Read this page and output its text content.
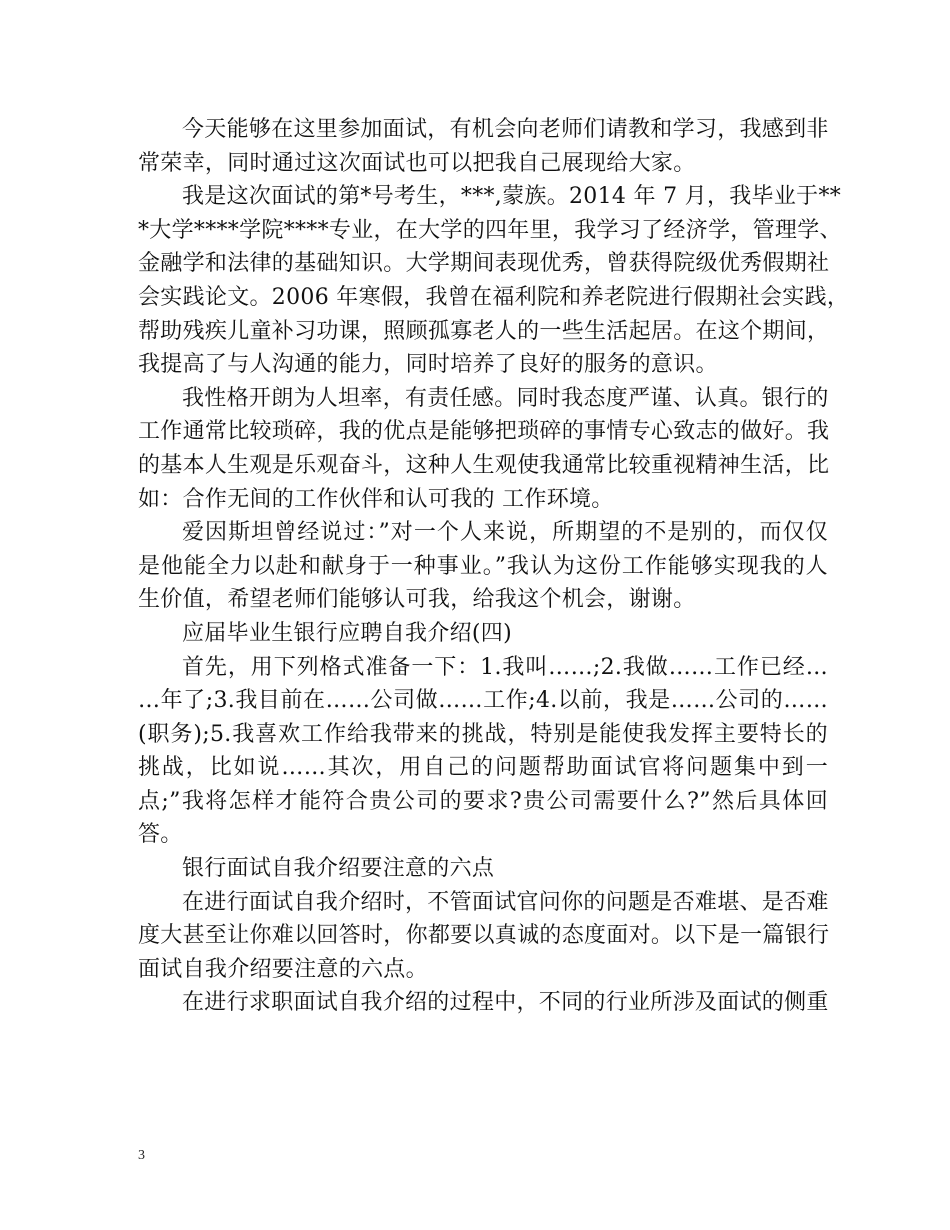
今天能够在这里参加面试，有机会向老师们请教和学习，我感到非
常荣幸，同时通过这次面试也可以把我自己展现给大家。
我是这次面试的第*号考生，***,蒙族。2014 年 7 月，我毕业于**
*大学****学院****专业，在大学的四年里，我学习了经济学，管理学、
金融学和法律的基础知识。大学期间表现优秀，曾获得院级优秀假期社
会实践论文。2006 年寒假，我曾在福利院和养老院进行假期社会实践，
帮助残疾儿童补习功课，照顾孤寡老人的一些生活起居。在这个期间，
我提高了与人沟通的能力，同时培养了良好的服务的意识。
我性格开朗为人坦率，有责任感。同时我态度严谨、认真。银行的
工作通常比较琐碎，我的优点是能够把琐碎的事情专心致志的做好。我
的基本人生观是乐观奋斗，这种人生观使我通常比较重视精神生活，比
如：合作无间的工作伙伴和认可我的 工作环境。
爱因斯坦曾经说过：”对一个人来说，所期望的不是别的，而仅仅
是他能全力以赴和献身于一种事业。”我认为这份工作能够实现我的人
生价值，希望老师们能够认可我，给我这个机会，谢谢。
应届毕业生银行应聘自我介绍(四)
首先，用下列格式准备一下：1.我叫……;2.我做……工作已经…
…年了;3.我目前在……公司做……工作;4.以前，我是……公司的……
(职务);5.我喜欢工作给我带来的挑战，特别是能使我发挥主要特长的
挑战，比如说……其次，用自己的问题帮助面试官将问题集中到一
点;”我将怎样才能符合贵公司的要求?贵公司需要什么?”然后具体回
答。
银行面试自我介绍要注意的六点
在进行面试自我介绍时，不管面试官问你的问题是否难堪、是否难
度大甚至让你难以回答时，你都要以真诚的态度面对。以下是一篇银行
面试自我介绍要注意的六点。
在进行求职面试自我介绍的过程中，不同的行业所涉及面试的侧重
3
